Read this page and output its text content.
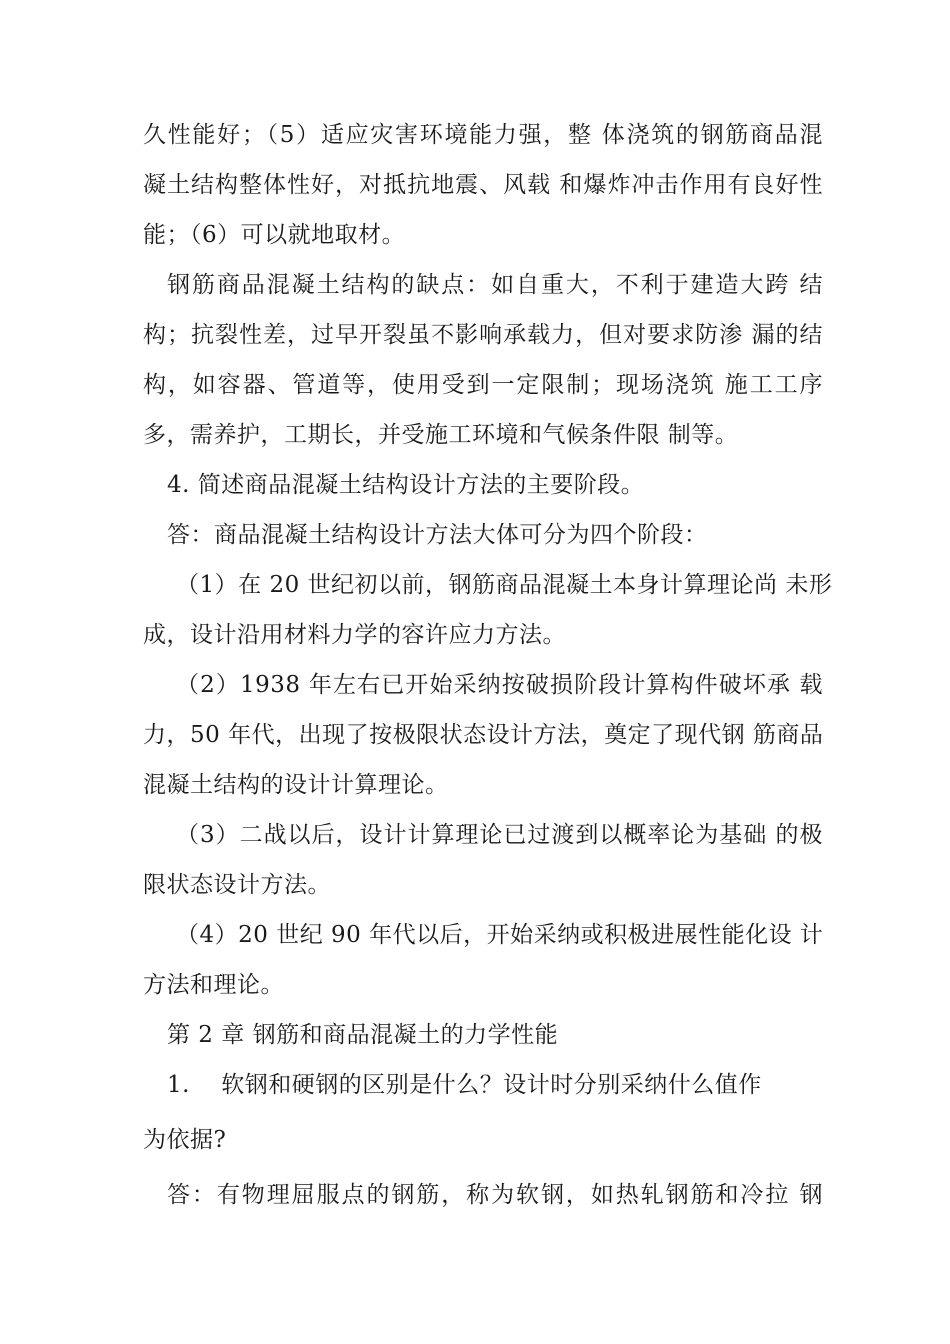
久性能好；（5）适应灾害环境能力强，整 体浇筑的钢筋商品混
凝土结构整体性好，对抵抗地震、风载 和爆炸冲击作用有良好性
能；（6）可以就地取材。
钢筋商品混凝土结构的缺点：如自重大，不利于建造大跨 结
构；抗裂性差，过早开裂虽不影响承载力，但对要求防渗 漏的结
构，如容器、管道等，使用受到一定限制；现场浇筑 施工工序
多，需养护，工期长，并受施工环境和气候条件限 制等。
4. 简述商品混凝土结构设计方法的主要阶段。
答：商品混凝土结构设计方法大体可分为四个阶段：
（1）在 20 世纪初以前，钢筋商品混凝土本身计算理论尚 未形
成，设计沿用材料力学的容许应力方法。
（2）1938 年左右已开始采纳按破损阶段计算构件破坏承 载
力，50 年代，出现了按极限状态设计方法，奠定了现代钢 筋商品
混凝土结构的设计计算理论。
（3）二战以后，设计计算理论已过渡到以概率论为基础 的极
限状态设计方法。
（4）20 世纪 90 年代以后，开始采纳或积极进展性能化设 计
方法和理论。
第 2 章 钢筋和商品混凝土的力学性能
1.    软钢和硬钢的区别是什么？设计时分别采纳什么值作
为依据?
答：有物理屈服点的钢筋，称为软钢，如热轧钢筋和冷拉 钢
